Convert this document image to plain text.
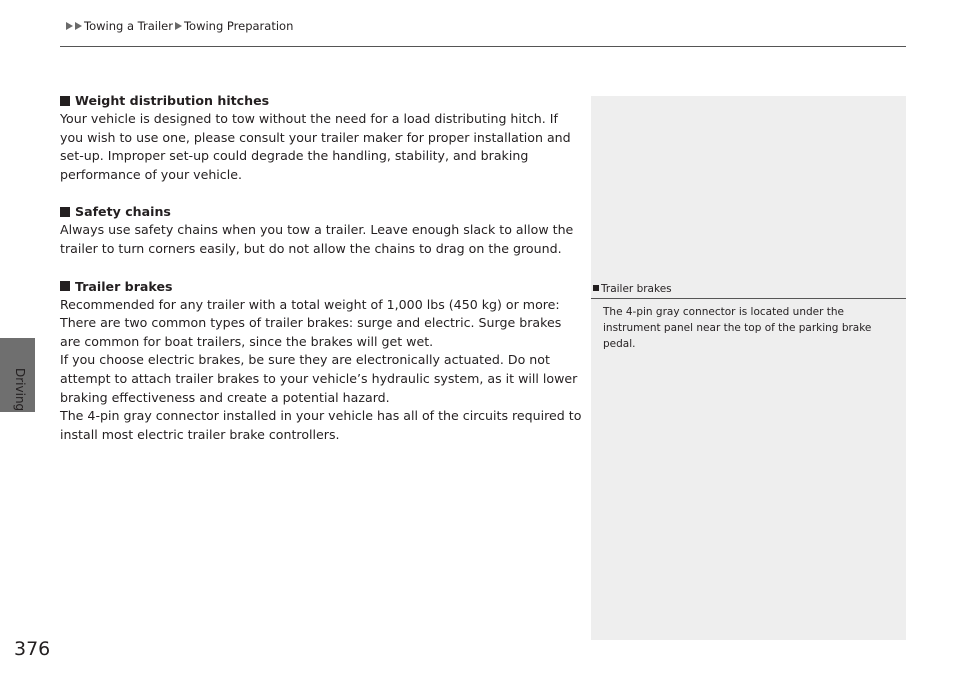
Towing a Trailer Towing Preparation
Driving
Weight distribution hitches

Your vehicle is designed to tow without the need for a load distributing hitch. If you wish to use one, please consult your trailer maker for proper installation and set-up. Improper set-up could degrade the handling, stability, and braking performance of your vehicle.

Safety chains

Always use safety chains when you tow a trailer. Leave enough slack to allow the trailer to turn corners easily, but do not allow the chains to drag on the ground.

Trailer brakes

Recommended for any trailer with a total weight of 1,000 lbs (450 kg) or more:

There are two common types of trailer brakes: surge and electric. Surge brakes are common for boat trailers, since the brakes will get wet.

If you choose electric brakes, be sure they are electronically actuated. Do not attempt to attach trailer brakes to your vehicle’s hydraulic system, as it will lower braking effectiveness and create a potential hazard.

The 4-pin gray connector installed in your vehicle has all of the circuits required to install most electric trailer brake controllers.

Trailer brakes
The 4-pin gray connector is located under the instrument panel near the top of the parking brake pedal.
376
